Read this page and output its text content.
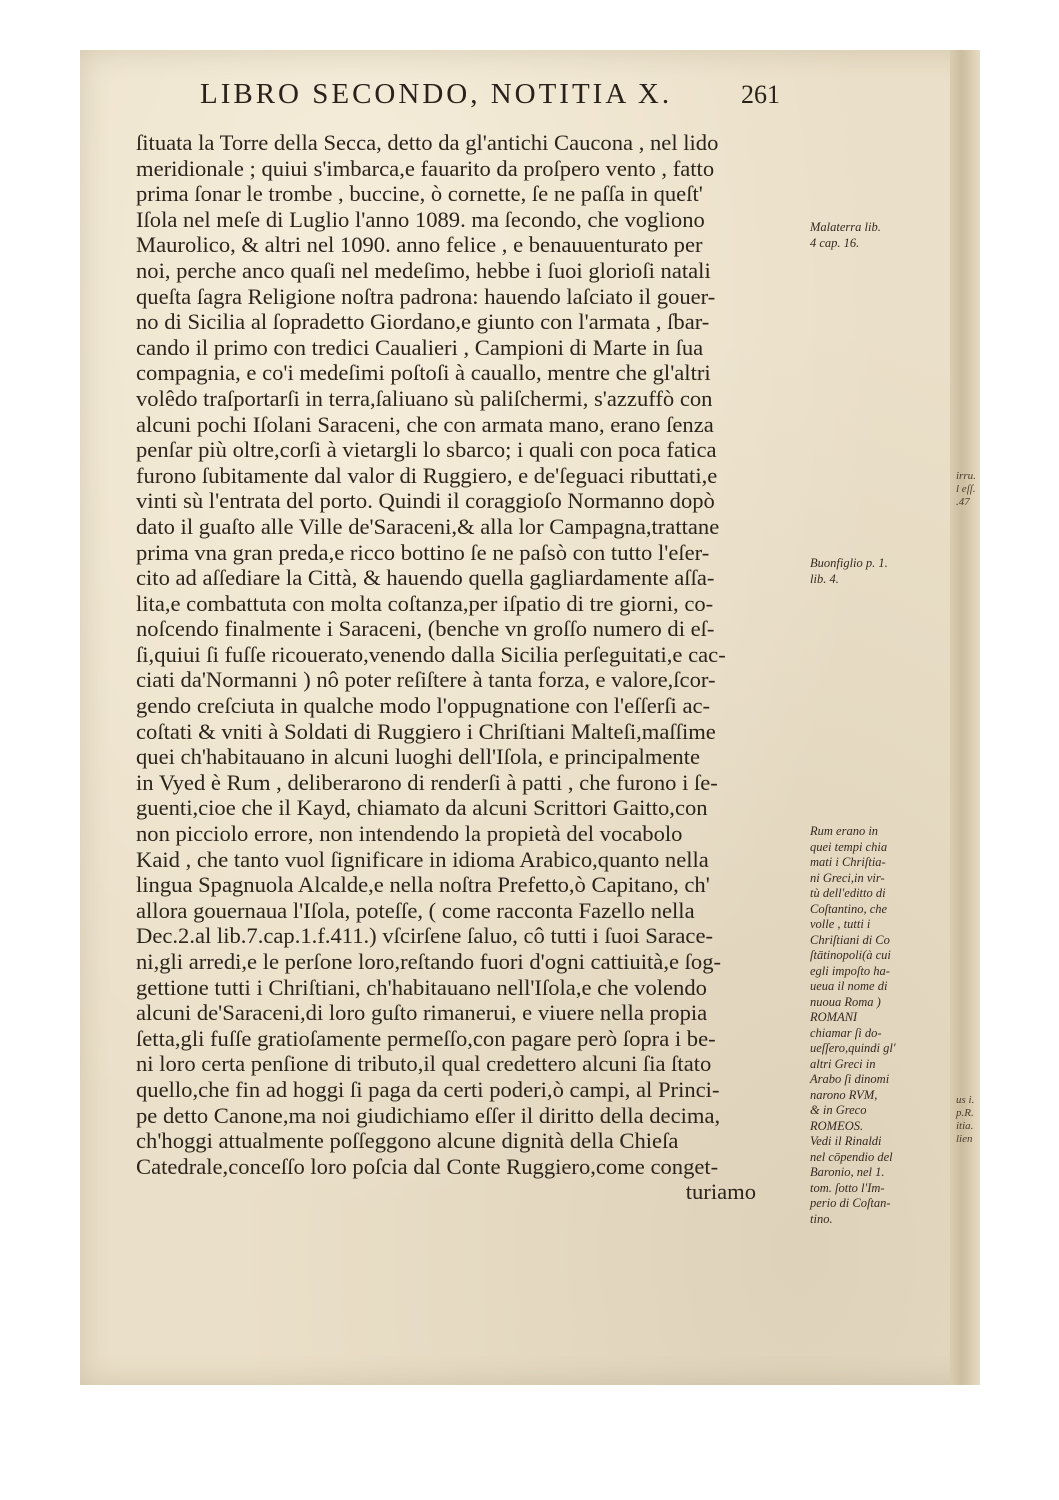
LIBRO SECONDO, NOTITIA X.	261
ſituata la Torre della Secca, detto da gl'antichi Caucona , nel lido
meridionale ; quiui s'imbarca,e fauarito da proſpero vento , fatto
prima ſonar le trombe , buccine, ò cornette, ſe ne paſſa in queſt'
Iſola nel meſe di Luglio l'anno 1089. ma ſecondo, che vogliono
Maurolico, & altri nel 1090. anno felice , e benauuenturato per
noi, perche anco quaſi nel medeſimo, hebbe i ſuoi glorioſi natali
queſta ſagra Religione noſtra padrona: hauendo laſciato il gouer-
no di Sicilia al ſopradetto Giordano,e giunto con l'armata , ſbar-
cando il primo con tredici Caualieri , Campioni di Marte in ſua
compagnia, e co'i medeſimi poſtoſi à cauallo, mentre che gl'altri
volêdo traſportarſi in terra,ſaliuano sù paliſchermi, s'azzuffò con
alcuni pochi Iſolani Saraceni, che con armata mano, erano ſenza
penſar più oltre,corſi à vietargli lo sbarco; i quali con poca fatica
furono ſubitamente dal valor di Ruggiero, e de'ſeguaci ributtati,e
vinti sù l'entrata del porto. Quindi il coraggioſo Normanno dopò
dato il guaſto alle Ville de'Saraceni,& alla lor Campagna,trattane
prima vna gran preda,e ricco bottino ſe ne paſsò con tutto l'eſer-
cito ad aſſediare la Città, & hauendo quella gagliardamente aſſa-
lita,e combattuta con molta coſtanza,per iſpatio di tre giorni, co-
noſcendo finalmente i Saraceni, (benche vn groſſo numero di eſ-
ſi,quiui ſi fuſſe ricouerato,venendo dalla Sicilia perſeguitati,e cac-
ciati da'Normanni ) nô poter reſiſtere à tanta forza, e valore,ſcor-
gendo creſciuta in qualche modo l'oppugnatione con l'eſſerſi ac-
coſtati & vniti à Soldati di Ruggiero i Chriſtiani Malteſi,maſſime
quei ch'habitauano in alcuni luoghi dell'Iſola, e principalmente
in Vyed è Rum , deliberarono di renderſi à patti , che furono i ſe-
guenti,cioe che il Kayd, chiamato da alcuni Scrittori Gaitto,con
non picciolo errore, non intendendo la propietà del vocabolo
Kaid , che tanto vuol ſignificare in idioma Arabico,quanto nella
lingua Spagnuola Alcalde,e nella noſtra Prefetto,ò Capitano, ch'
allora gouernaua l'Iſola, poteſſe, ( come racconta Fazello nella
Dec.2.al lib.7.cap.1.f.411.) vſcirſene ſaluo, cô tutti i ſuoi Sarace-
ni,gli arredi,e le perſone loro,reſtando fuori d'ogni cattiuità,e ſog-
gettione tutti i Chriſtiani, ch'habitauano nell'Iſola,e che volendo
alcuni de'Saraceni,di loro guſto rimanerui, e viuere nella propia
ſetta,gli fuſſe gratioſamente permeſſo,con pagare però ſopra i be-
ni loro certa penſione di tributo,il qual credettero alcuni ſia ſtato
quello,che fin ad hoggi ſi paga da certi poderi,ò campi, al Princi-
pe detto Canone,ma noi giudichiamo eſſer il diritto della decima,
ch'hoggi attualmente poſſeggono alcune dignità della Chieſa
Catedrale,conceſſo loro poſcia dal Conte Ruggiero,come conget-
turiamo
Malaterra lib.
4 cap. 16.
Buonfiglio p. 1.
lib. 4.
Rum erano in
quei tempi chia
mati i Chriſtia-
ni Greci,in vir-
tù dell'editto di
Coſtantino, che
volle , tutti i
Chriſtiani di Co
ſtātinopoli(à cui
egli impoſto ha-
ueua il nome di
nuoua Roma )
ROMANI
chiamar ſi do-
ueſſero,quindi gl'
altri Greci in
Arabo ſi dinomi
narono RVM,
& in Greco
ROMEOS.
Vedi il Rinaldi
nel cōpendio del
Baronio, nel 1.
tom. ſotto l'Im-
perio di Coſtan-
tino.
irru.
l eſſ.
.47
us i.
p.R.
itia.
lien
